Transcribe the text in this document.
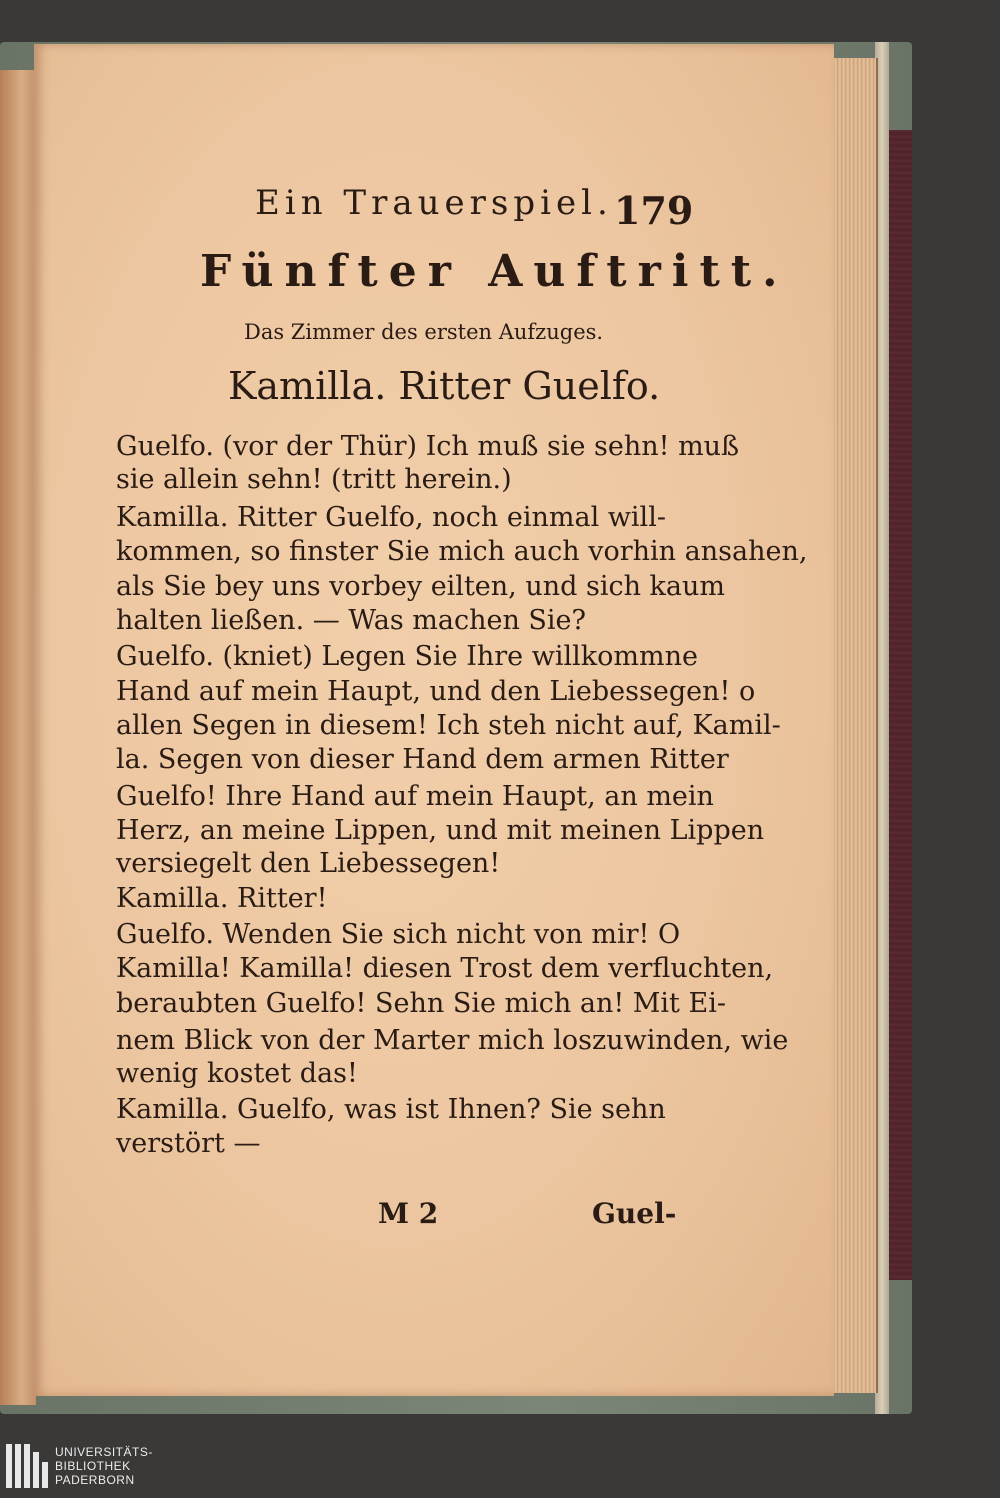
Ein Trauerspiel. 179
Fünfter Auftritt.
Das Zimmer des ersten Aufzuges.
Kamilla. Ritter Guelfo.
Guelfo. (vor der Thür) Ich muß sie sehn! muß
sie allein sehn! (tritt herein.)
Kamilla. Ritter Guelfo, noch einmal will-
kommen, so finster Sie mich auch vorhin ansahen,
als Sie bey uns vorbey eilten, und sich kaum
halten ließen. — Was machen Sie?
Guelfo. (kniet) Legen Sie Ihre willkommne
Hand auf mein Haupt, und den Liebessegen! o
allen Segen in diesem! Ich steh nicht auf, Kamil-
la. Segen von dieser Hand dem armen Ritter
Guelfo! Ihre Hand auf mein Haupt, an mein
Herz, an meine Lippen, und mit meinen Lippen
versiegelt den Liebessegen!
Kamilla. Ritter!
Guelfo. Wenden Sie sich nicht von mir! O
Kamilla! Kamilla! diesen Trost dem verfluchten,
beraubten Guelfo! Sehn Sie mich an! Mit Ei-
nem Blick von der Marter mich loszuwinden, wie
wenig kostet das!
Kamilla. Guelfo, was ist Ihnen? Sie sehn
verstört —
M 2	Guel-
UNIVERSITÄTS-
BIBLIOTHEK
PADERBORN
